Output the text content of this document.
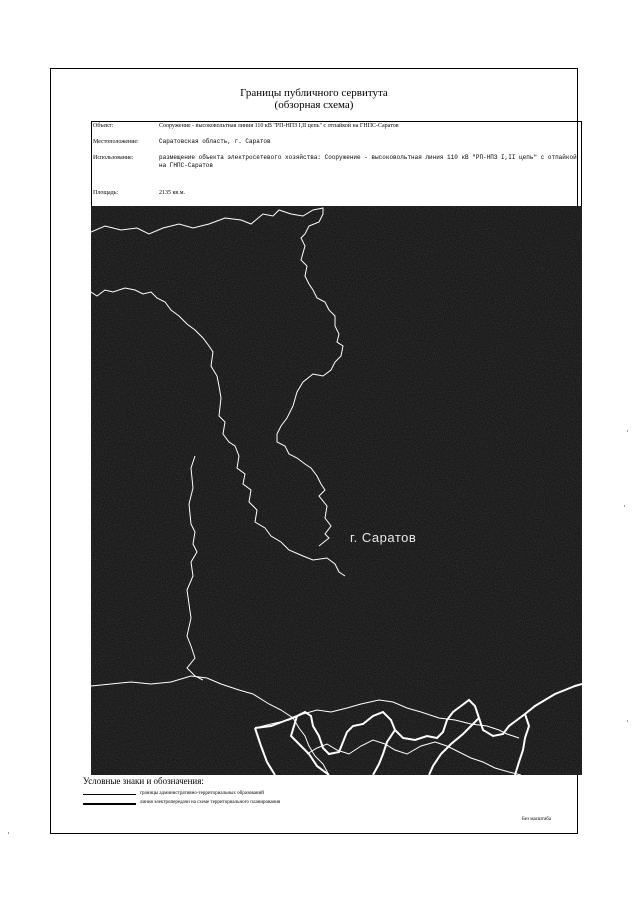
Границы публичного сервитута
(обзорная схема)
Объект:	Сооружение - высоковольтная линия 110 кВ "РП-НПЗ I,II цепь" с отпайкой на ГНПС-Саратов
Местоположение:	Саратовская область, г. Саратов
Использование:	размещение объекта электросетевого хозяйства: Сооружение - высоковольтная линия 110 кВ "РП-НПЗ I,II цепь" с отпайкой на ГНПС-Саратов
Площадь:	2135 кв.м.
г. Саратов
Условные знаки и обозначения:
границы административно-территориальных образований
линия электропередачи на схеме территориального планирования
Без масштаба
